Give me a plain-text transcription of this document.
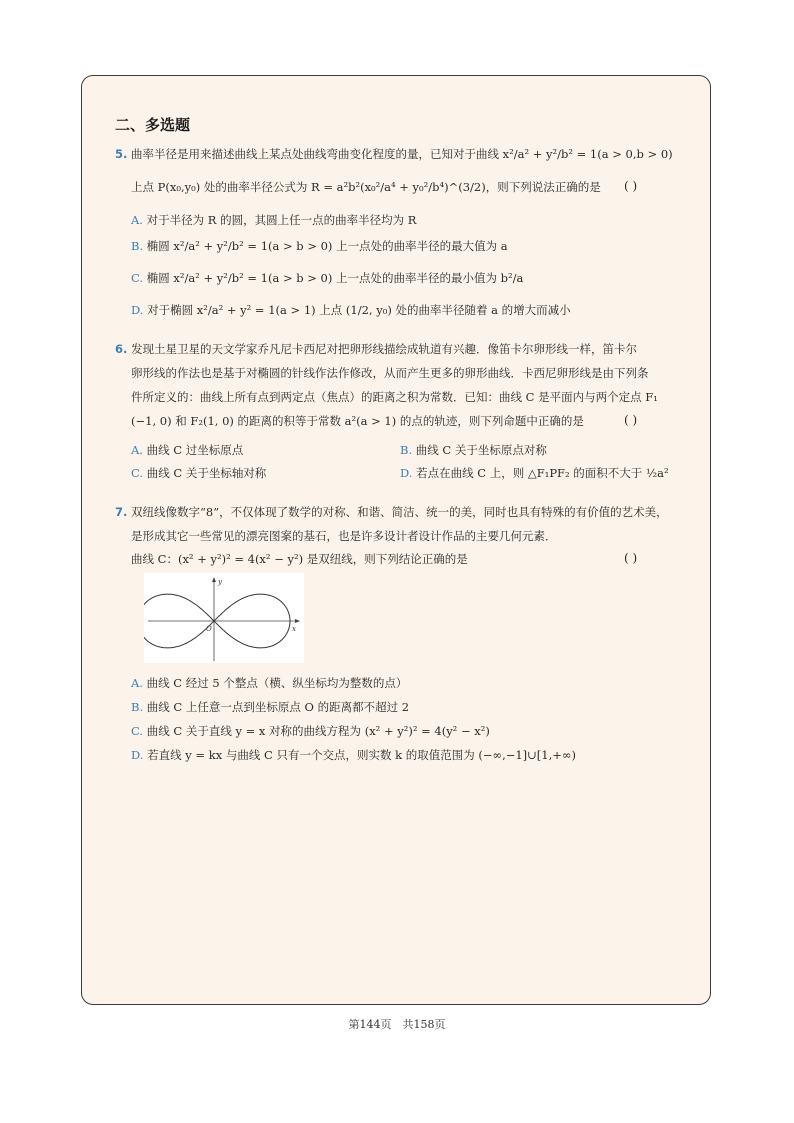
二、多选题
5. 曲率半径是用来描述曲线上某点处曲线弯曲变化程度的量，已知对于曲线 x²/a² + y²/b² = 1(a > 0,b > 0)
上点 P(x₀,y₀) 处的曲率半径公式为 R = a²b²(x₀²/a⁴ + y₀²/b⁴)^(3/2)，则下列说法正确的是 ( )
A. 对于半径为 R 的圆，其圆上任一点的曲率半径均为 R
B. 椭圆 x²/a² + y²/b² = 1(a > b > 0) 上一点处的曲率半径的最大值为 a
C. 椭圆 x²/a² + y²/b² = 1(a > b > 0) 上一点处的曲率半径的最小值为 b²/a
D. 对于椭圆 x²/a² + y² = 1(a > 1) 上点 (1/2, y₀) 处的曲率半径随着 a 的增大而减小
6. 发现土星卫星的天文学家乔凡尼卡西尼对把卵形线描绘成轨道有兴趣．像笛卡尔卵形线一样，笛卡尔
卵形线的作法也是基于对椭圆的针线作法作修改，从而产生更多的卵形曲线．卡西尼卵形线是由下列条
件所定义的：曲线上所有点到两定点（焦点）的距离之积为常数．已知：曲线 C 是平面内与两个定点 F₁
(−1, 0) 和 F₂(1, 0) 的距离的积等于常数 a²(a > 1) 的点的轨迹，则下列命题中正确的是	( )
A. 曲线 C 过坐标原点	B. 曲线 C 关于坐标原点对称
C. 曲线 C 关于坐标轴对称	D. 若点在曲线 C 上，则 △F₁PF₂ 的面积不大于 ½a²
7. 双纽线像数字“8”，不仅体现了数学的对称、和谐、简洁、统一的美，同时也具有特殊的有价值的艺术美，
是形成其它一些常见的漂亮图案的基石，也是许多设计者设计作品的主要几何元素．
曲线 C：(x² + y²)² = 4(x² − y²) 是双纽线，则下列结论正确的是	( )
y
x
O
A. 曲线 C 经过 5 个整点（横、纵坐标均为整数的点）
B. 曲线 C 上任意一点到坐标原点 O 的距离都不超过 2
C. 曲线 C 关于直线 y = x 对称的曲线方程为 (x² + y²)² = 4(y² − x²)
D. 若直线 y = kx 与曲线 C 只有一个交点，则实数 k 的取值范围为 (−∞,−1]∪[1,+∞)
第144页　共158页
